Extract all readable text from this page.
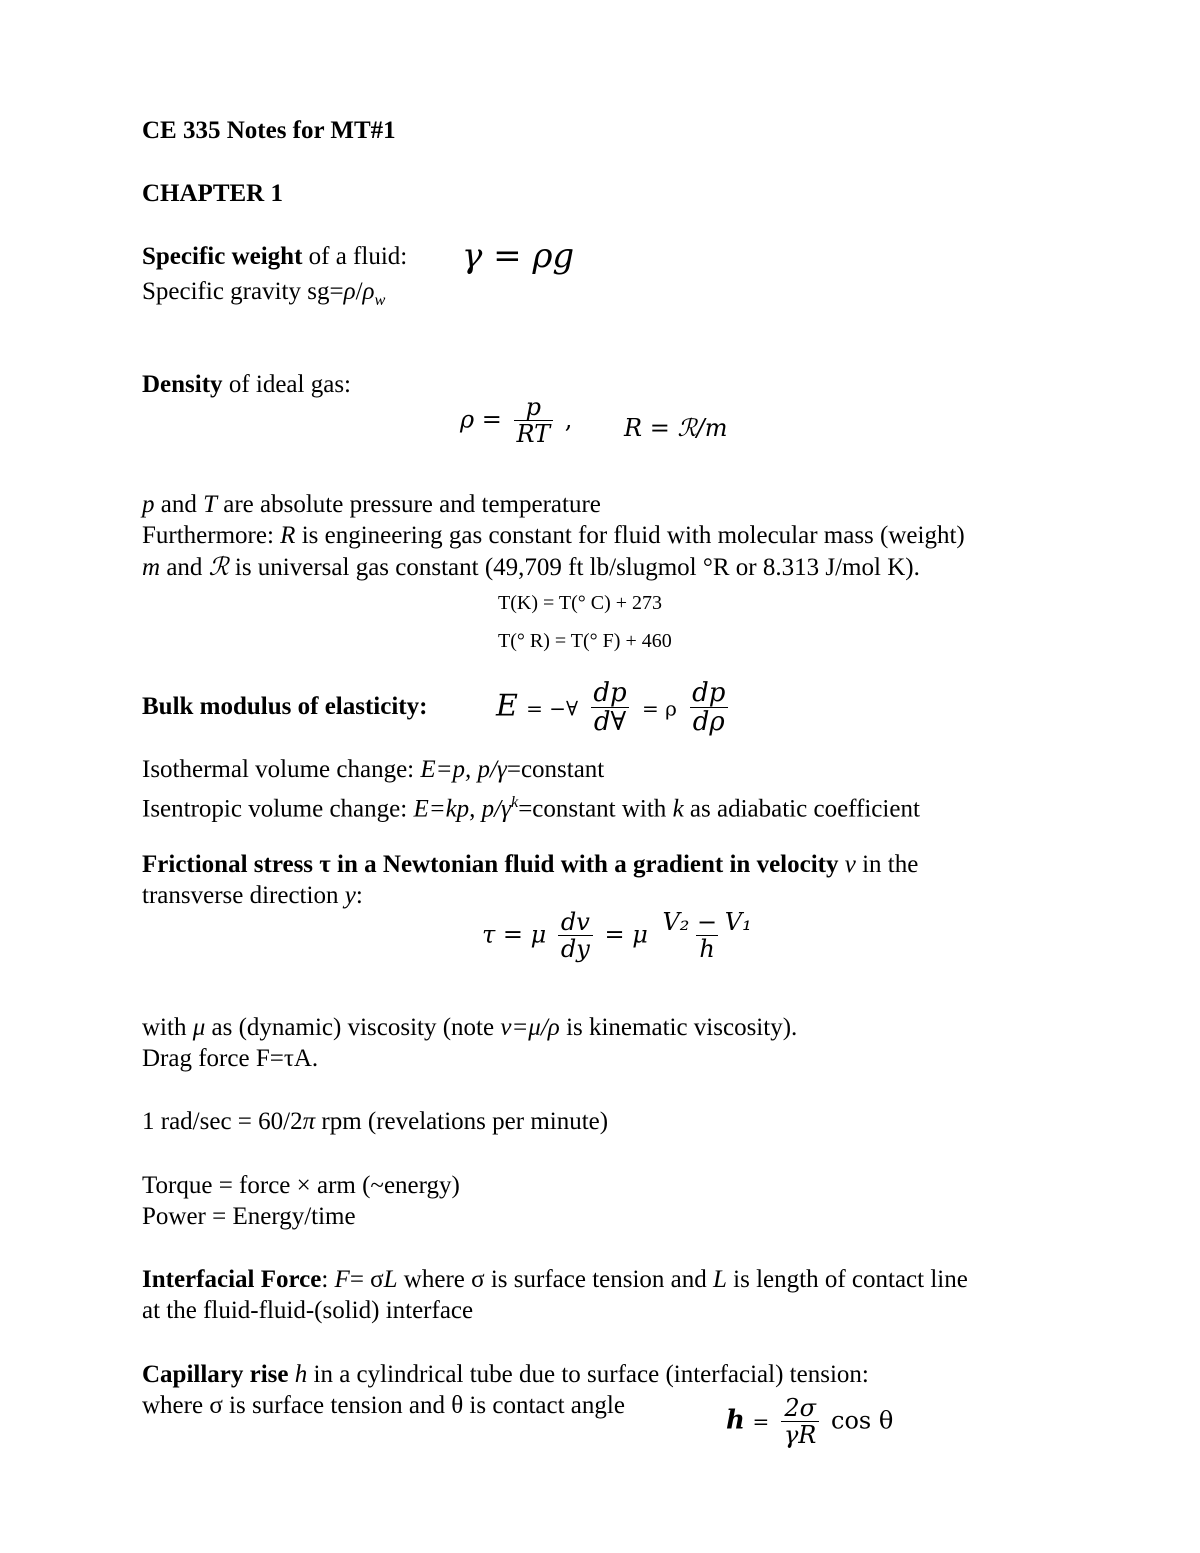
CE 335 Notes for MT#1
CHAPTER 1
Specific weight of a fluid: γ = ρg
Specific gravity $sg=\rho/\rho_w$
Density of ideal gas:
$\rho = \frac{p}{RT}$ , R = ℛ/m
p and T are absolute pressure and temperature
Furthermore: R is engineering gas constant for fluid with molecular mass (weight)
m and ℛ is universal gas constant (49,709 ft lb/slugmol °R or 8.313 J/mol K).
T(K) = T(° C) + 273
T(° R) = T(° F) + 460
Bulk modulus of elasticity: E = −∀ $\frac{dp}{d\forall} = \rho \frac{dp}{d\rho}$
Isothermal volume change: E=p, p/γ=constant
Isentropic volume change: E=kp, $p/\gamma^k=constant$ with k as adiabatic coefficient
Frictional stress τ in a Newtonian fluid with a gradient in velocity v in the
transverse direction y:
τ = μ $\frac{dv}{dy} = \mu \frac{\text{V₂ − V₁}}{h}$
with μ as (dynamic) viscosity (note ν=μ/ρ is kinematic viscosity).
Drag force F=τA.
1 rad/sec = 60/2π rpm (revelations per minute)
Torque = force × arm (~energy)
Power = Energy/time
Interfacial Force: F= σL where σ is surface tension and L is length of contact line
at the fluid-fluid-(solid) interface
Capillary rise h in a cylindrical tube due to surface (interfacial) tension:
where σ is surface tension and θ is contact angle
$h = \frac{2\sigma}{\gamma R}$ cos θ
